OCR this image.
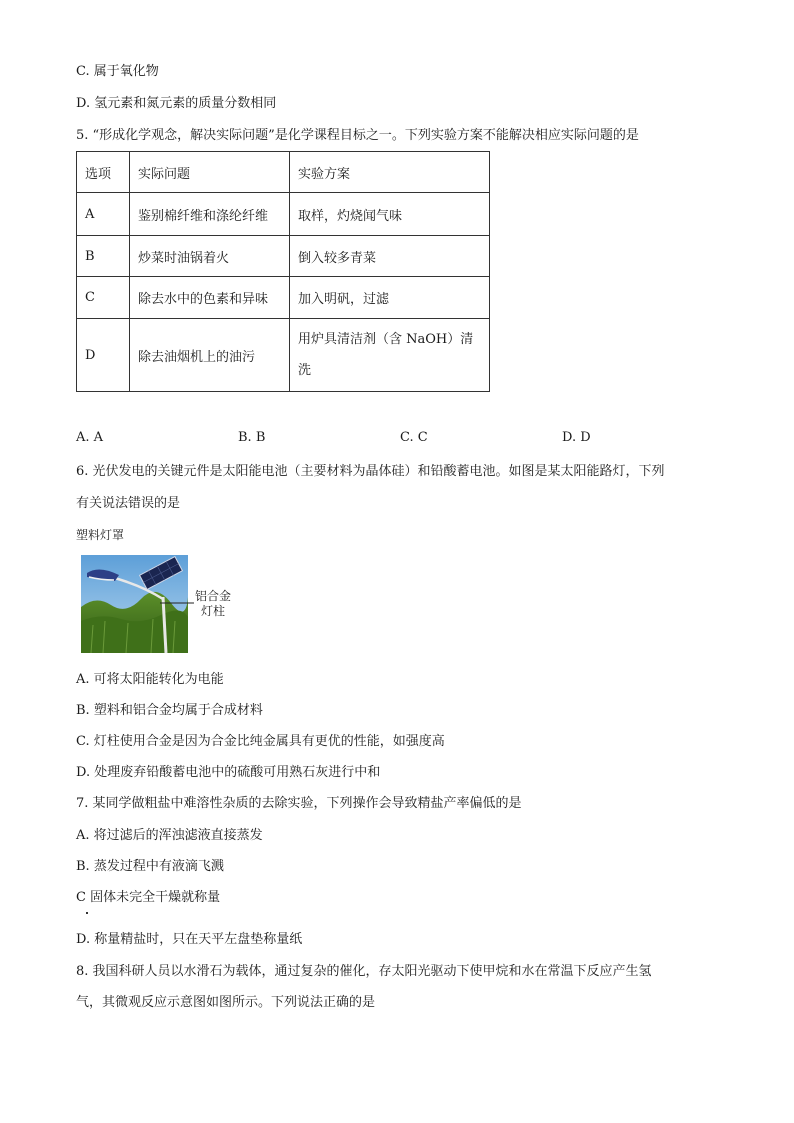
C. 属于氧化物
D. 氢元素和氮元素的质量分数相同
5. “形成化学观念，解决实际问题”是化学课程目标之一。下列实验方案不能解决相应实际问题的是
选项	实际问题	实验方案
A	鉴别棉纤维和涤纶纤维	取样，灼烧闻气味
B	炒菜时油锅着火	倒入较多青菜
C	除去水中的色素和异味	加入明矾，过滤
D	除去油烟机上的油污	用炉具清洁剂（含 NaOH）清
洗
A. A	B. B	C. C	D. D
6. 光伏发电的关键元件是太阳能电池（主要材料为晶体硅）和铅酸蓄电池。如图是某太阳能路灯，下列
有关说法错误的是
塑料灯罩
铝合金
灯柱
A. 可将太阳能转化为电能
B. 塑料和铝合金均属于合成材料
C. 灯柱使用合金是因为合金比纯金属具有更优的性能，如强度高
D. 处理废弃铅酸蓄电池中的硫酸可用熟石灰进行中和
7. 某同学做粗盐中难溶性杂质的去除实验，下列操作会导致精盐产率偏低的是
A. 将过滤后的浑浊滤液直接蒸发
B. 蒸发过程中有液滴飞溅
C 固体未完全干燥就称量
D. 称量精盐时，只在天平左盘垫称量纸
8. 我国科研人员以水滑石为载体，通过复杂的催化，存太阳光驱动下使甲烷和水在常温下反应产生氢
气，其微观反应示意图如图所示。下列说法正确的是
